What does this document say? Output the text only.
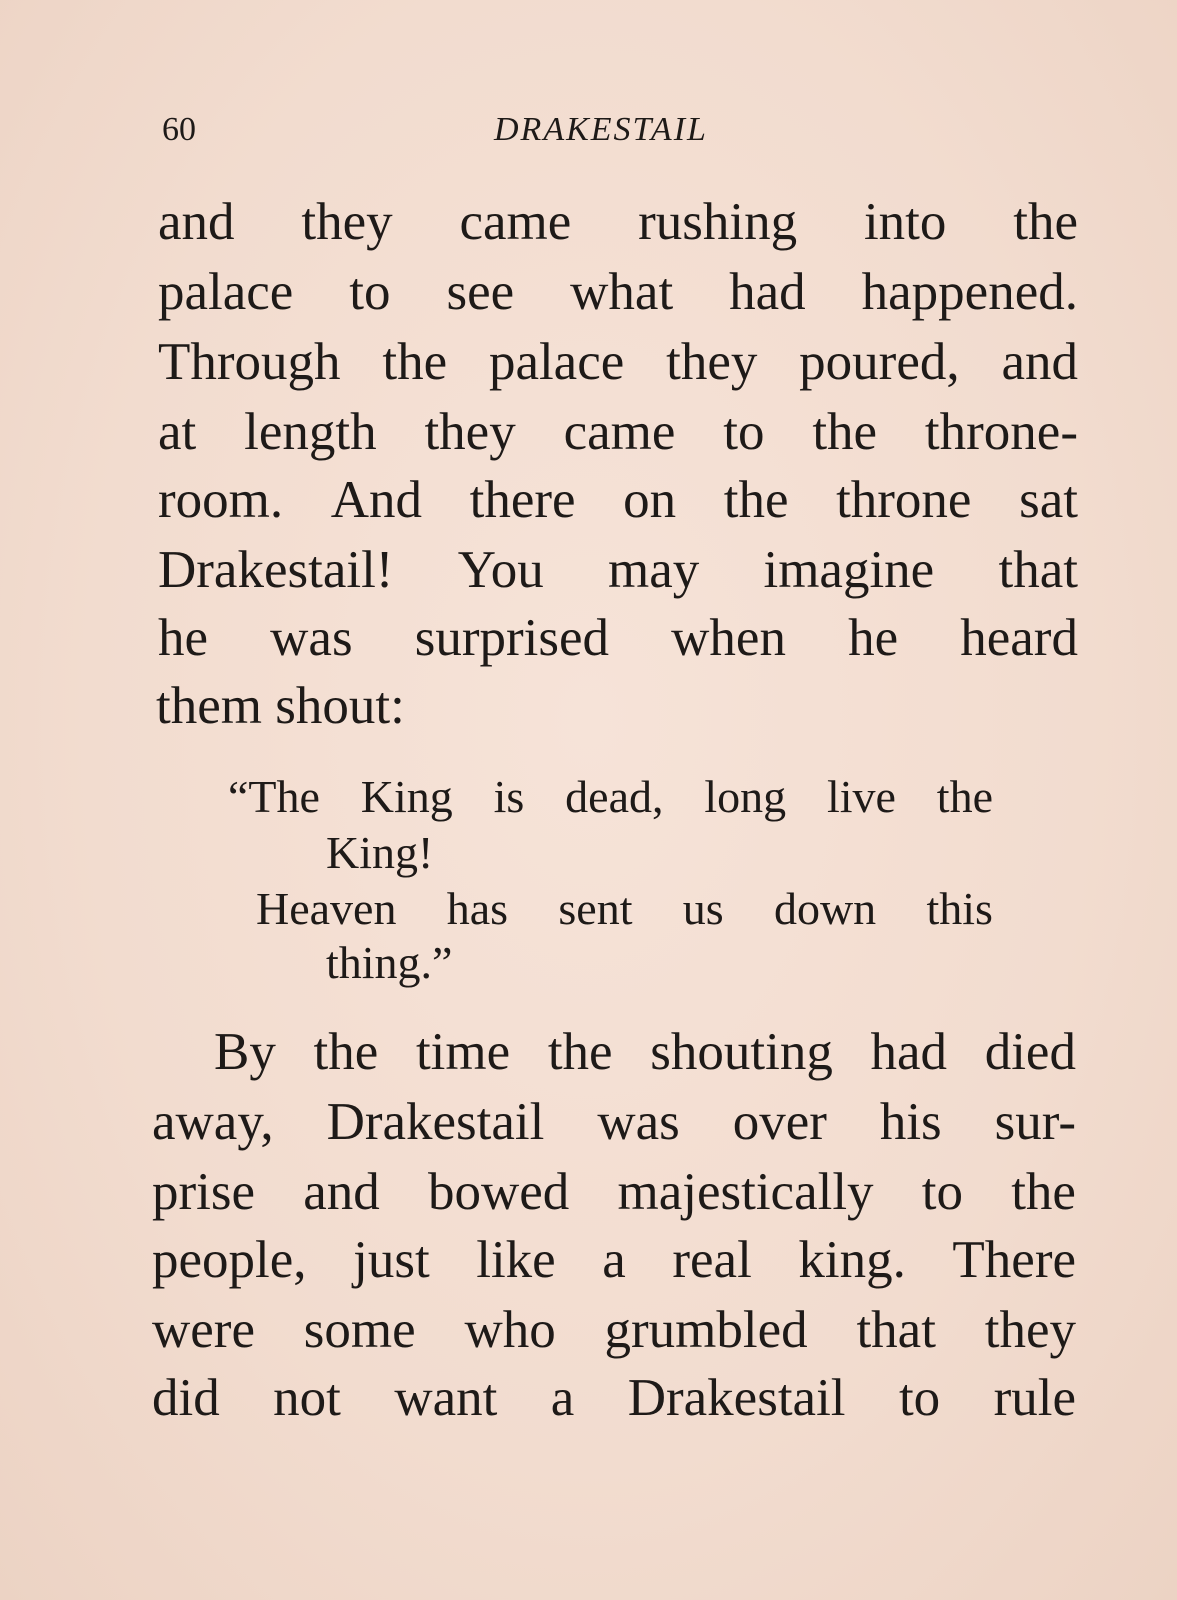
60	DRAKESTAIL
and they came rushing into the
palace to see what had happened.
Through the palace they poured, and
at length they came to the throne-
room. And there on the throne sat
Drakestail! You may imagine that
he was surprised when he heard
them shout:
“The King is dead, long live the
King!
Heaven has sent us down this
thing.”
By the time the shouting had died
away, Drakestail was over his sur-
prise and bowed majestically to the
people, just like a real king. There
were some who grumbled that they
did not want a Drakestail to rule
